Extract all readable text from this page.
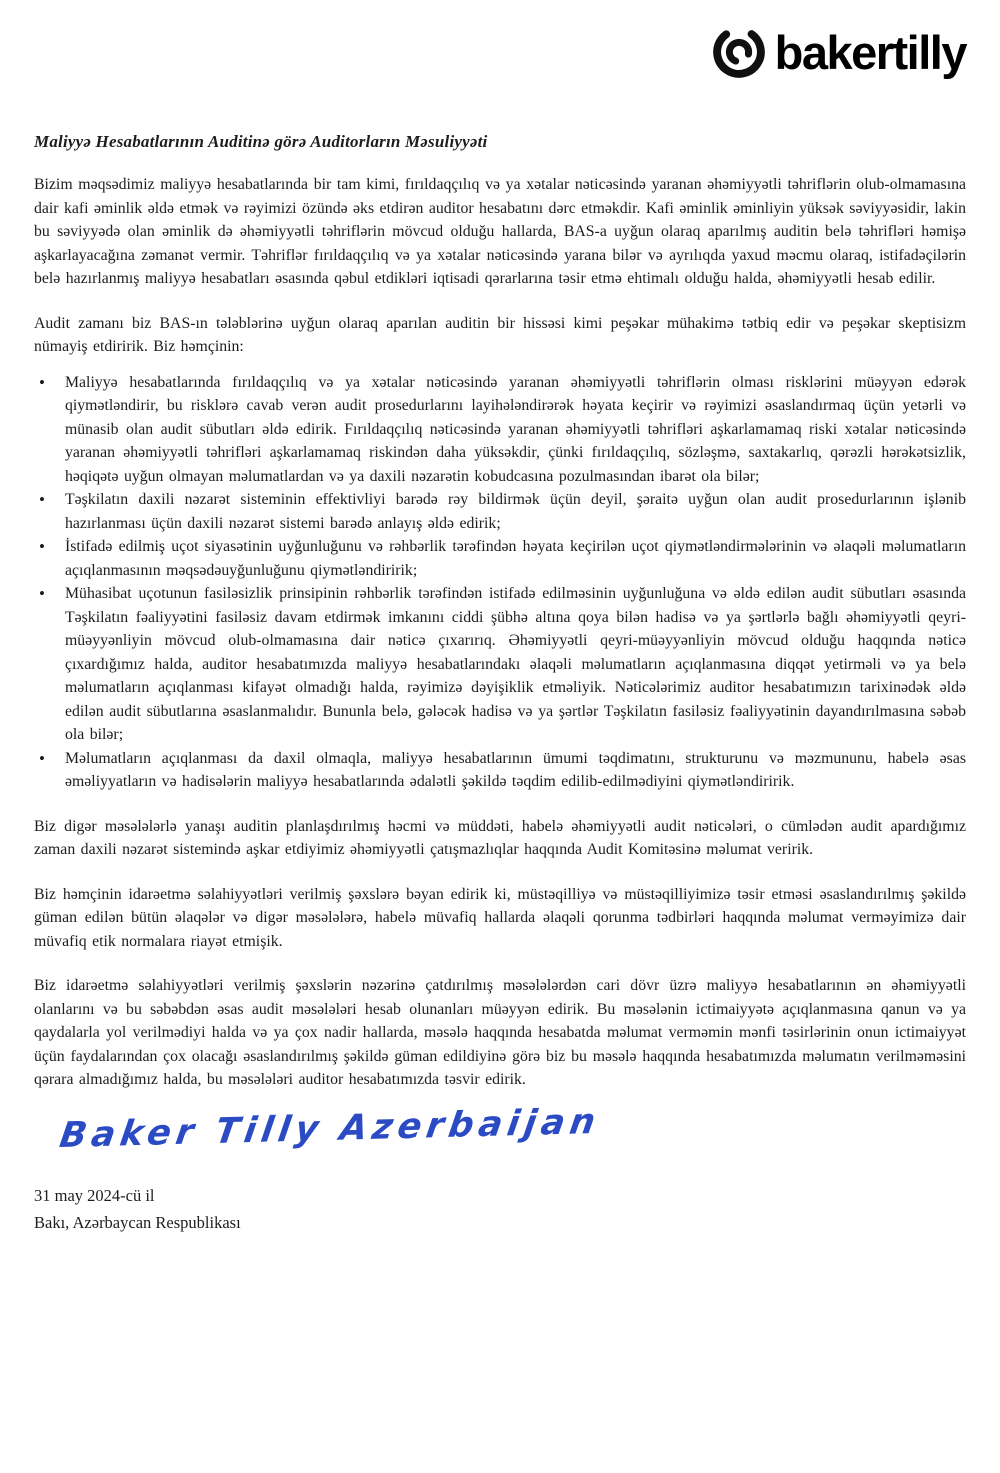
bakertilly
Maliyyə Hesabatlarının Auditinə görə Auditorların Məsuliyyəti

Bizim məqsədimiz maliyyə hesabatlarında bir tam kimi, fırıldaqçılıq və ya xətalar nəticəsində yaranan əhəmiyyətli təhriflərin olub-olmamasına dair kafi əminlik əldə etmək və rəyimizi özündə əks etdirən auditor hesabatını dərc etməkdir. Kafi əminlik əminliyin yüksək səviyyəsidir, lakin bu səviyyədə olan əminlik də əhəmiyyətli təhriflərin mövcud olduğu hallarda, BAS-a uyğun olaraq aparılmış auditin belə təhrifləri həmişə aşkarlayacağına zəmanət vermir. Təhriflər fırıldaqçılıq və ya xətalar nəticəsində yarana bilər və ayrılıqda yaxud məcmu olaraq, istifadəçilərin belə hazırlanmış maliyyə hesabatları əsasında qəbul etdikləri iqtisadi qərarlarına təsir etmə ehtimalı olduğu halda, əhəmiyyətli hesab edilir.

Audit zamanı biz BAS-ın tələblərinə uyğun olaraq aparılan auditin bir hissəsi kimi peşəkar mühakimə tətbiq edir və peşəkar skeptisizm nümayiş etdiririk. Biz həmçinin:

•
Maliyyə hesabatlarında fırıldaqçılıq və ya xətalar nəticəsində yaranan əhəmiyyətli təhriflərin olması risklərini müəyyən edərək qiymətləndirir, bu risklərə cavab verən audit prosedurlarını layihələndirərək həyata keçirir və rəyimizi əsaslandırmaq üçün yetərli və münasib olan audit sübutları əldə edirik. Fırıldaqçılıq nəticəsində yaranan əhəmiyyətli təhrifləri aşkarlamamaq riski xətalar nəticəsində yaranan əhəmiyyətli təhrifləri aşkarlamamaq riskindən daha yüksəkdir, çünki fırıldaqçılıq, sözləşmə, saxtakarlıq, qərəzli hərəkətsizlik, həqiqətə uyğun olmayan məlumatlardan və ya daxili nəzarətin kobudcasına pozulmasından ibarət ola bilər;
•
Təşkilatın daxili nəzarət sisteminin effektivliyi barədə rəy bildirmək üçün deyil, şəraitə uyğun olan audit prosedurlarının işlənib hazırlanması üçün daxili nəzarət sistemi barədə anlayış əldə edirik;
•
İstifadə edilmiş uçot siyasətinin uyğunluğunu və rəhbərlik tərəfindən həyata keçirilən uçot qiymətləndirmələrinin və əlaqəli məlumatların açıqlanmasının məqsədəuyğunluğunu qiymətləndiririk;
•
Mühasibat uçotunun fasiləsizlik prinsipinin rəhbərlik tərəfindən istifadə edilməsinin uyğunluğuna və əldə edilən audit sübutları əsasında Təşkilatın fəaliyyətini fasiləsiz davam etdirmək imkanını ciddi şübhə altına qoya bilən hadisə və ya şərtlərlə bağlı əhəmiyyətli qeyri-müəyyənliyin mövcud olub-olmamasına dair nəticə çıxarırıq. Əhəmiyyətli qeyri-müəyyənliyin mövcud olduğu haqqında nəticə çıxardığımız halda, auditor hesabatımızda maliyyə hesabatlarındakı əlaqəli məlumatların açıqlanmasına diqqət yetirməli və ya belə məlumatların açıqlanması kifayət olmadığı halda, rəyimizə dəyişiklik etməliyik. Nəticələrimiz auditor hesabatımızın tarixinədək əldə edilən audit sübutlarına əsaslanmalıdır. Bununla belə, gələcək hadisə və ya şərtlər Təşkilatın fasiləsiz fəaliyyətinin dayandırılmasına səbəb ola bilər;
•
Məlumatların açıqlanması da daxil olmaqla, maliyyə hesabatlarının ümumi təqdimatını, strukturunu və məzmununu, habelə əsas əməliyyatların və hadisələrin maliyyə hesabatlarında ədalətli şəkildə təqdim edilib-edilmədiyini qiymətləndiririk.

Biz digər məsələlərlə yanaşı auditin planlaşdırılmış həcmi və müddəti, habelə əhəmiyyətli audit nəticələri, o cümlədən audit apardığımız zaman daxili nəzarət sistemində aşkar etdiyimiz əhəmiyyətli çatışmazlıqlar haqqında Audit Komitəsinə məlumat veririk.

Biz həmçinin idarəetmə səlahiyyətləri verilmiş şəxslərə bəyan edirik ki, müstəqilliyə və müstəqilliyimizə təsir etməsi əsaslandırılmış şəkildə güman edilən bütün əlaqələr və digər məsələlərə, habelə müvafiq hallarda əlaqəli qorunma tədbirləri haqqında məlumat verməyimizə dair müvafiq etik normalara riayət etmişik.

Biz idarəetmə səlahiyyətləri verilmiş şəxslərin nəzərinə çatdırılmış məsələlərdən cari dövr üzrə maliyyə hesabatlarının ən əhəmiyyətli olanlarını və bu səbəbdən əsas audit məsələləri hesab olunanları müəyyən edirik. Bu məsələnin ictimaiyyətə açıqlanmasına qanun və ya qaydalarla yol verilmədiyi halda və ya çox nadir hallarda, məsələ haqqında hesabatda məlumat verməmin mənfi təsirlərinin onun ictimaiyyət üçün faydalarından çox olacağı əsaslandırılmış şəkildə güman edildiyinə görə biz bu məsələ haqqında hesabatımızda məlumatın verilməməsini qərara almadığımız halda, bu məsələləri auditor hesabatımızda təsvir edirik.

Baker Tilly Azerbaijan
31 may 2024-cü il
Bakı, Azərbaycan Respublikası
